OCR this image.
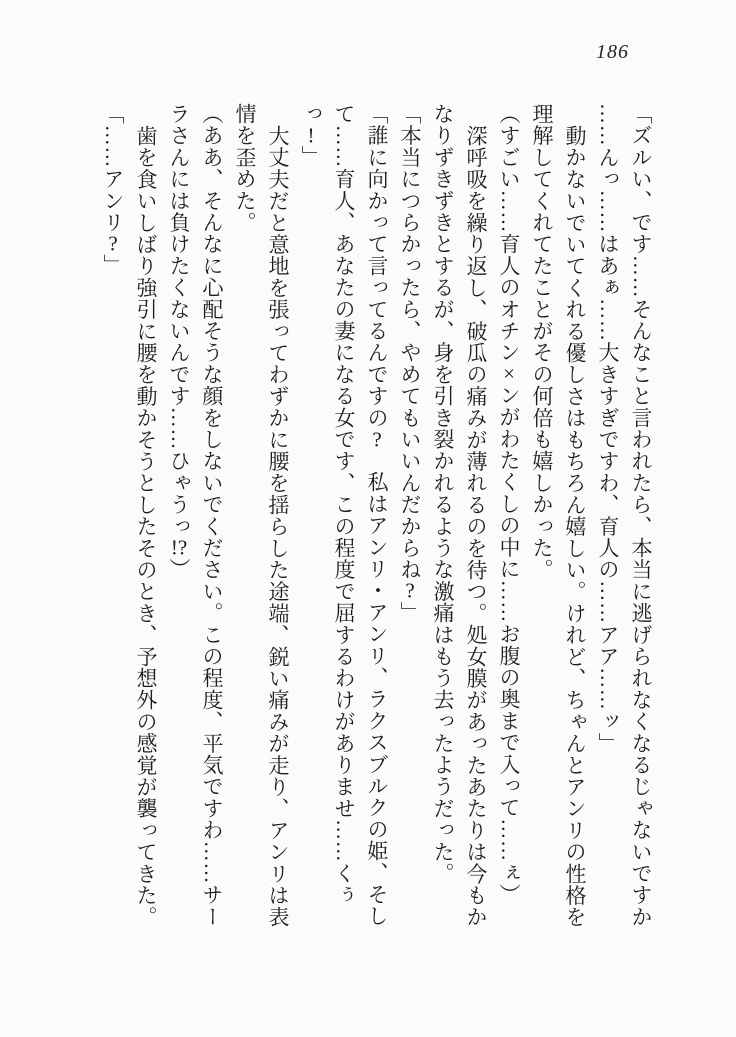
186
「ズルい、です……そんなこと言われたら、本当に逃げられなくなるじゃないですか
……んっ……はあぁ……大きすぎですわ、育人の……アア……ッ」
動かないでいてくれる優しさはもちろん嬉しい。けれど、ちゃんとアンリの性格を
理解してくれてたことがその何倍も嬉しかった。
（すごい……育人のオチン×ンがわたくしの中に……お腹の奥まで入って……ぇ）
深呼吸を繰り返し、破瓜の痛みが薄れるのを待つ。処女膜があったあたりは今もか
なりずきずきとするが、身を引き裂かれるような激痛はもう去ったようだった。
「本当につらかったら、やめてもいいんだからね?」
「誰に向かって言ってるんですの?　私はアンリ・アンリ、ラクスブルクの姫、そし
て……育人、あなたの妻になる女です、この程度で屈するわけがありませ……くぅ
っ!」
大丈夫だと意地を張ってわずかに腰を揺らした途端、鋭い痛みが走り、アンリは表
情を歪めた。
（ああ、そんなに心配そうな顔をしないでください。この程度、平気ですわ……サー
ラさんには負けたくないんです……ひゃうっ!?）
歯を食いしばり強引に腰を動かそうとしたそのとき、予想外の感覚が襲ってきた。
「……アンリ?」
